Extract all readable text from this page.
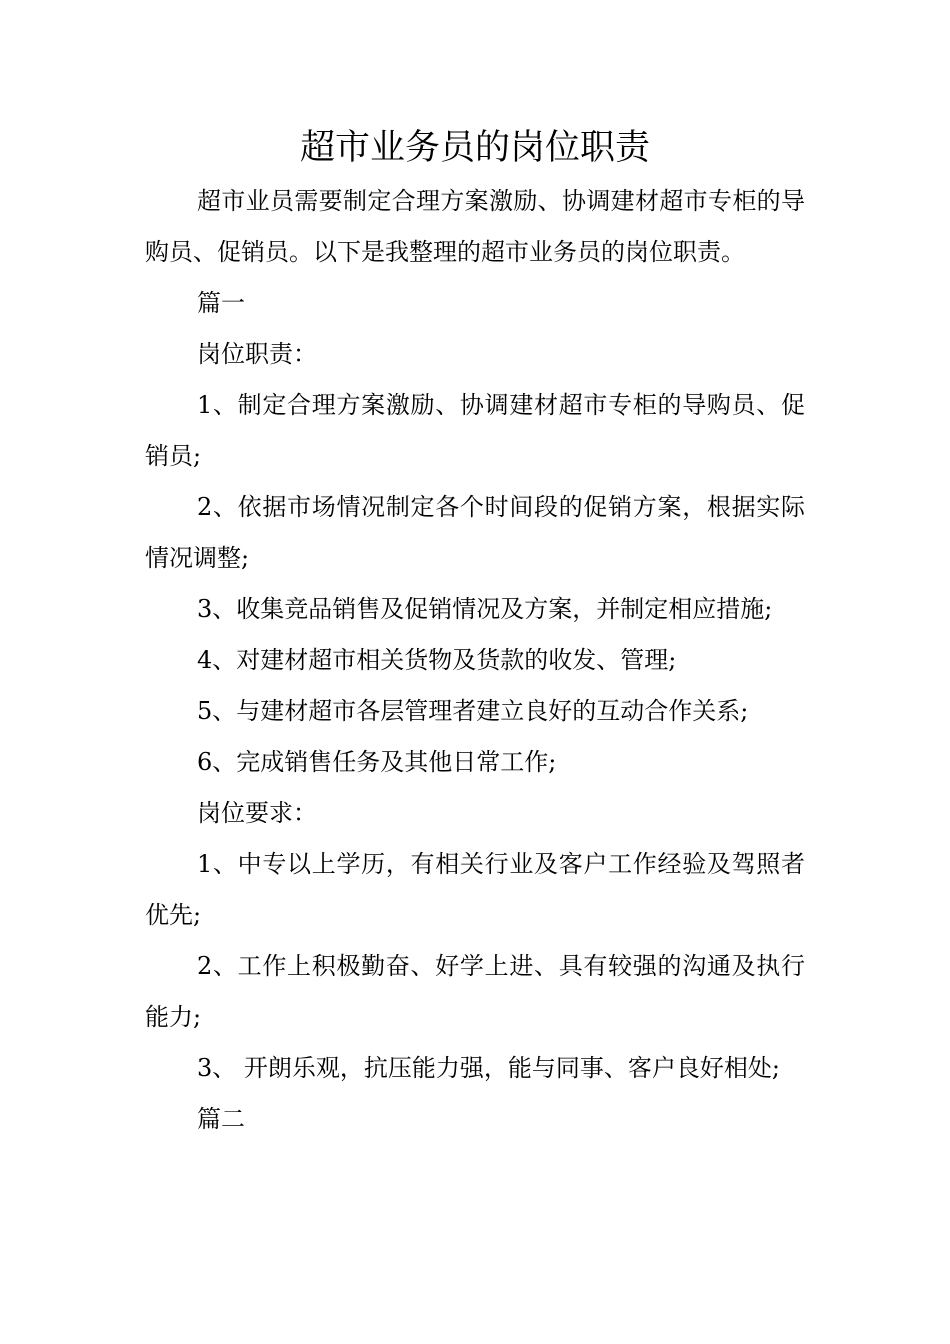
超市业务员的岗位职责

超市业员需要制定合理方案激励、协调建材超市专柜的导购员、促销员。以下是我整理的超市业务员的岗位职责。

篇一

岗位职责：

1、制定合理方案激励、协调建材超市专柜的导购员、促销员;

2、依据市场情况制定各个时间段的促销方案，根据实际情况调整;

3、收集竞品销售及促销情况及方案，并制定相应措施;

4、对建材超市相关货物及货款的收发、管理;

5、与建材超市各层管理者建立良好的互动合作关系;

6、完成销售任务及其他日常工作;

岗位要求：

1、中专以上学历，有相关行业及客户工作经验及驾照者优先;

2、工作上积极勤奋、好学上进、具有较强的沟通及执行能力;

3、 开朗乐观，抗压能力强，能与同事、客户良好相处;

篇二
